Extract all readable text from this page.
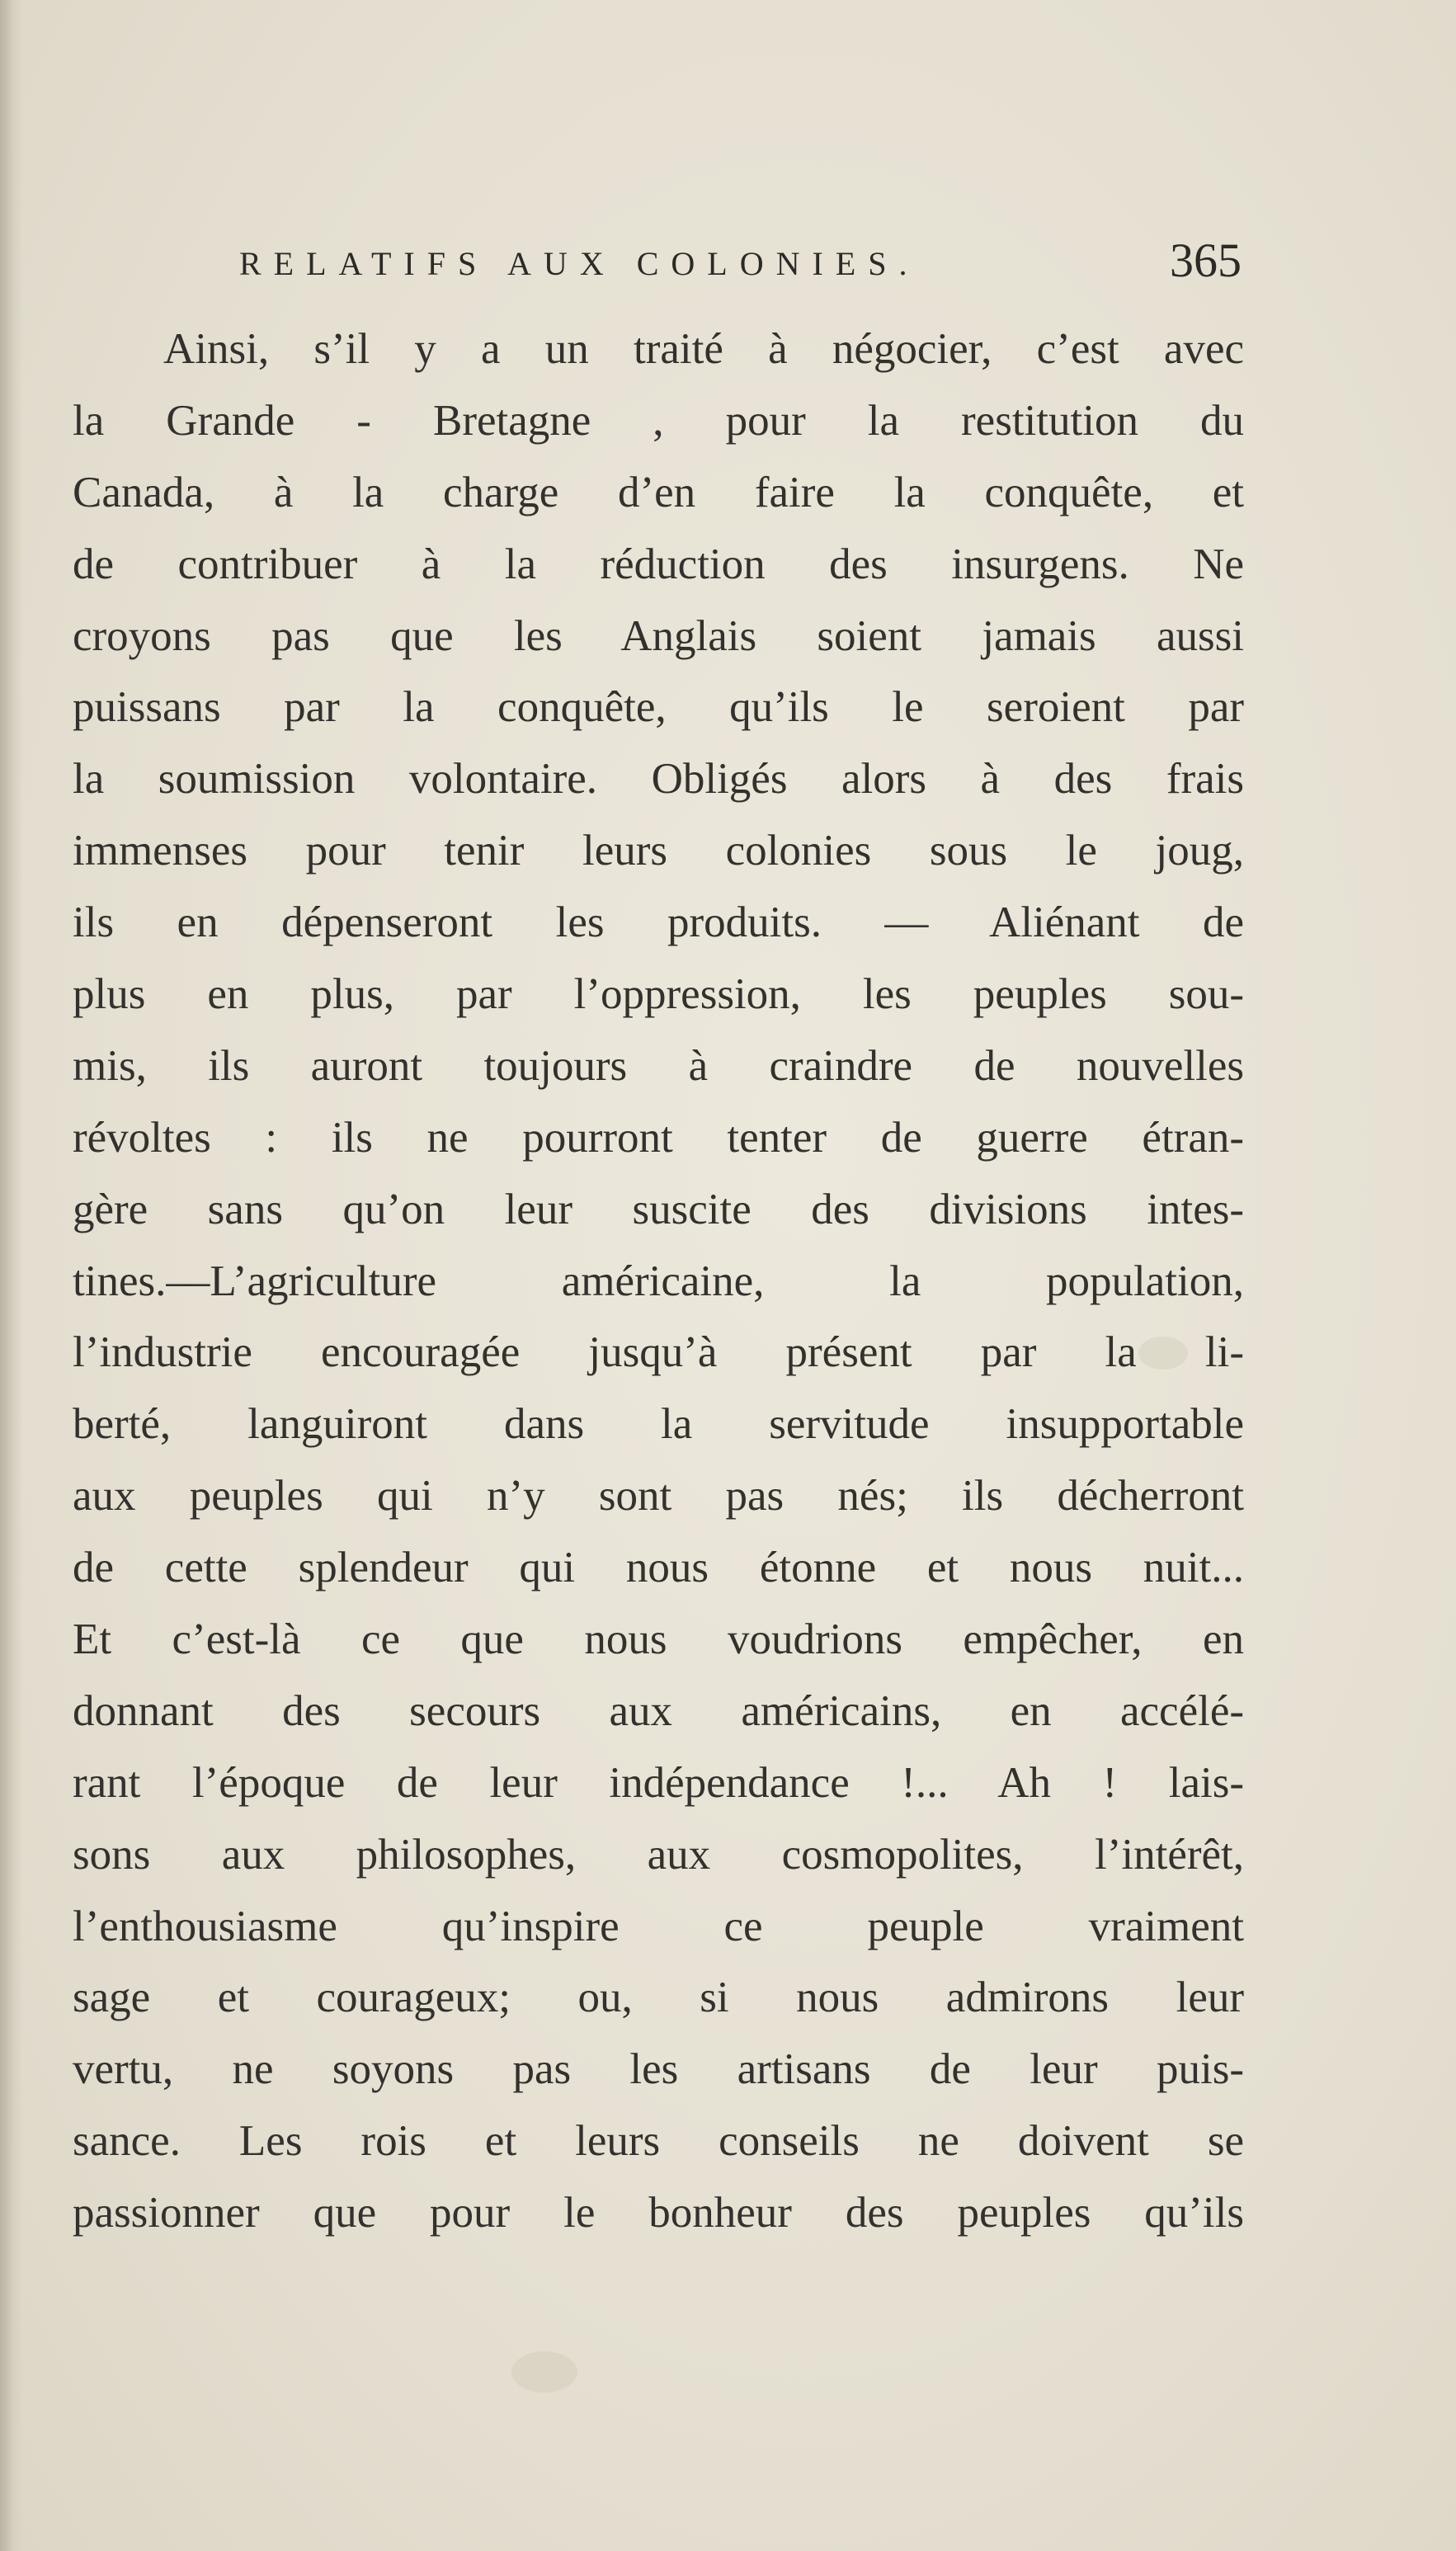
RELATIFS AUX COLONIES.	365
Ainsi, s’il y a un traité à négocier, c’est avec
la Grande - Bretagne , pour la restitution du
Canada, à la charge d’en faire la conquête, et
de contribuer à la réduction des insurgens. Ne
croyons pas que les Anglais soient jamais aussi
puissans par la conquête, qu’ils le seroient par
la soumission volontaire. Obligés alors à des frais
immenses pour tenir leurs colonies sous le joug,
ils en dépenseront les produits. — Aliénant de
plus en plus, par l’oppression, les peuples sou-
mis, ils auront toujours à craindre de nouvelles
révoltes : ils ne pourront tenter de guerre étran-
gère sans qu’on leur suscite des divisions intes-
tines.—L’agriculture américaine, la population,
l’industrie encouragée jusqu’à présent par la li-
berté, languiront dans la servitude insupportable
aux peuples qui n’y sont pas nés; ils décherront
de cette splendeur qui nous étonne et nous nuit...
Et c’est-là ce que nous voudrions empêcher, en
donnant des secours aux américains, en accélé-
rant l’époque de leur indépendance !... Ah ! lais-
sons aux philosophes, aux cosmopolites, l’intérêt,
l’enthousiasme qu’inspire ce peuple vraiment
sage et courageux; ou, si nous admirons leur
vertu, ne soyons pas les artisans de leur puis-
sance. Les rois et leurs conseils ne doivent se
passionner que pour le bonheur des peuples qu’ils
